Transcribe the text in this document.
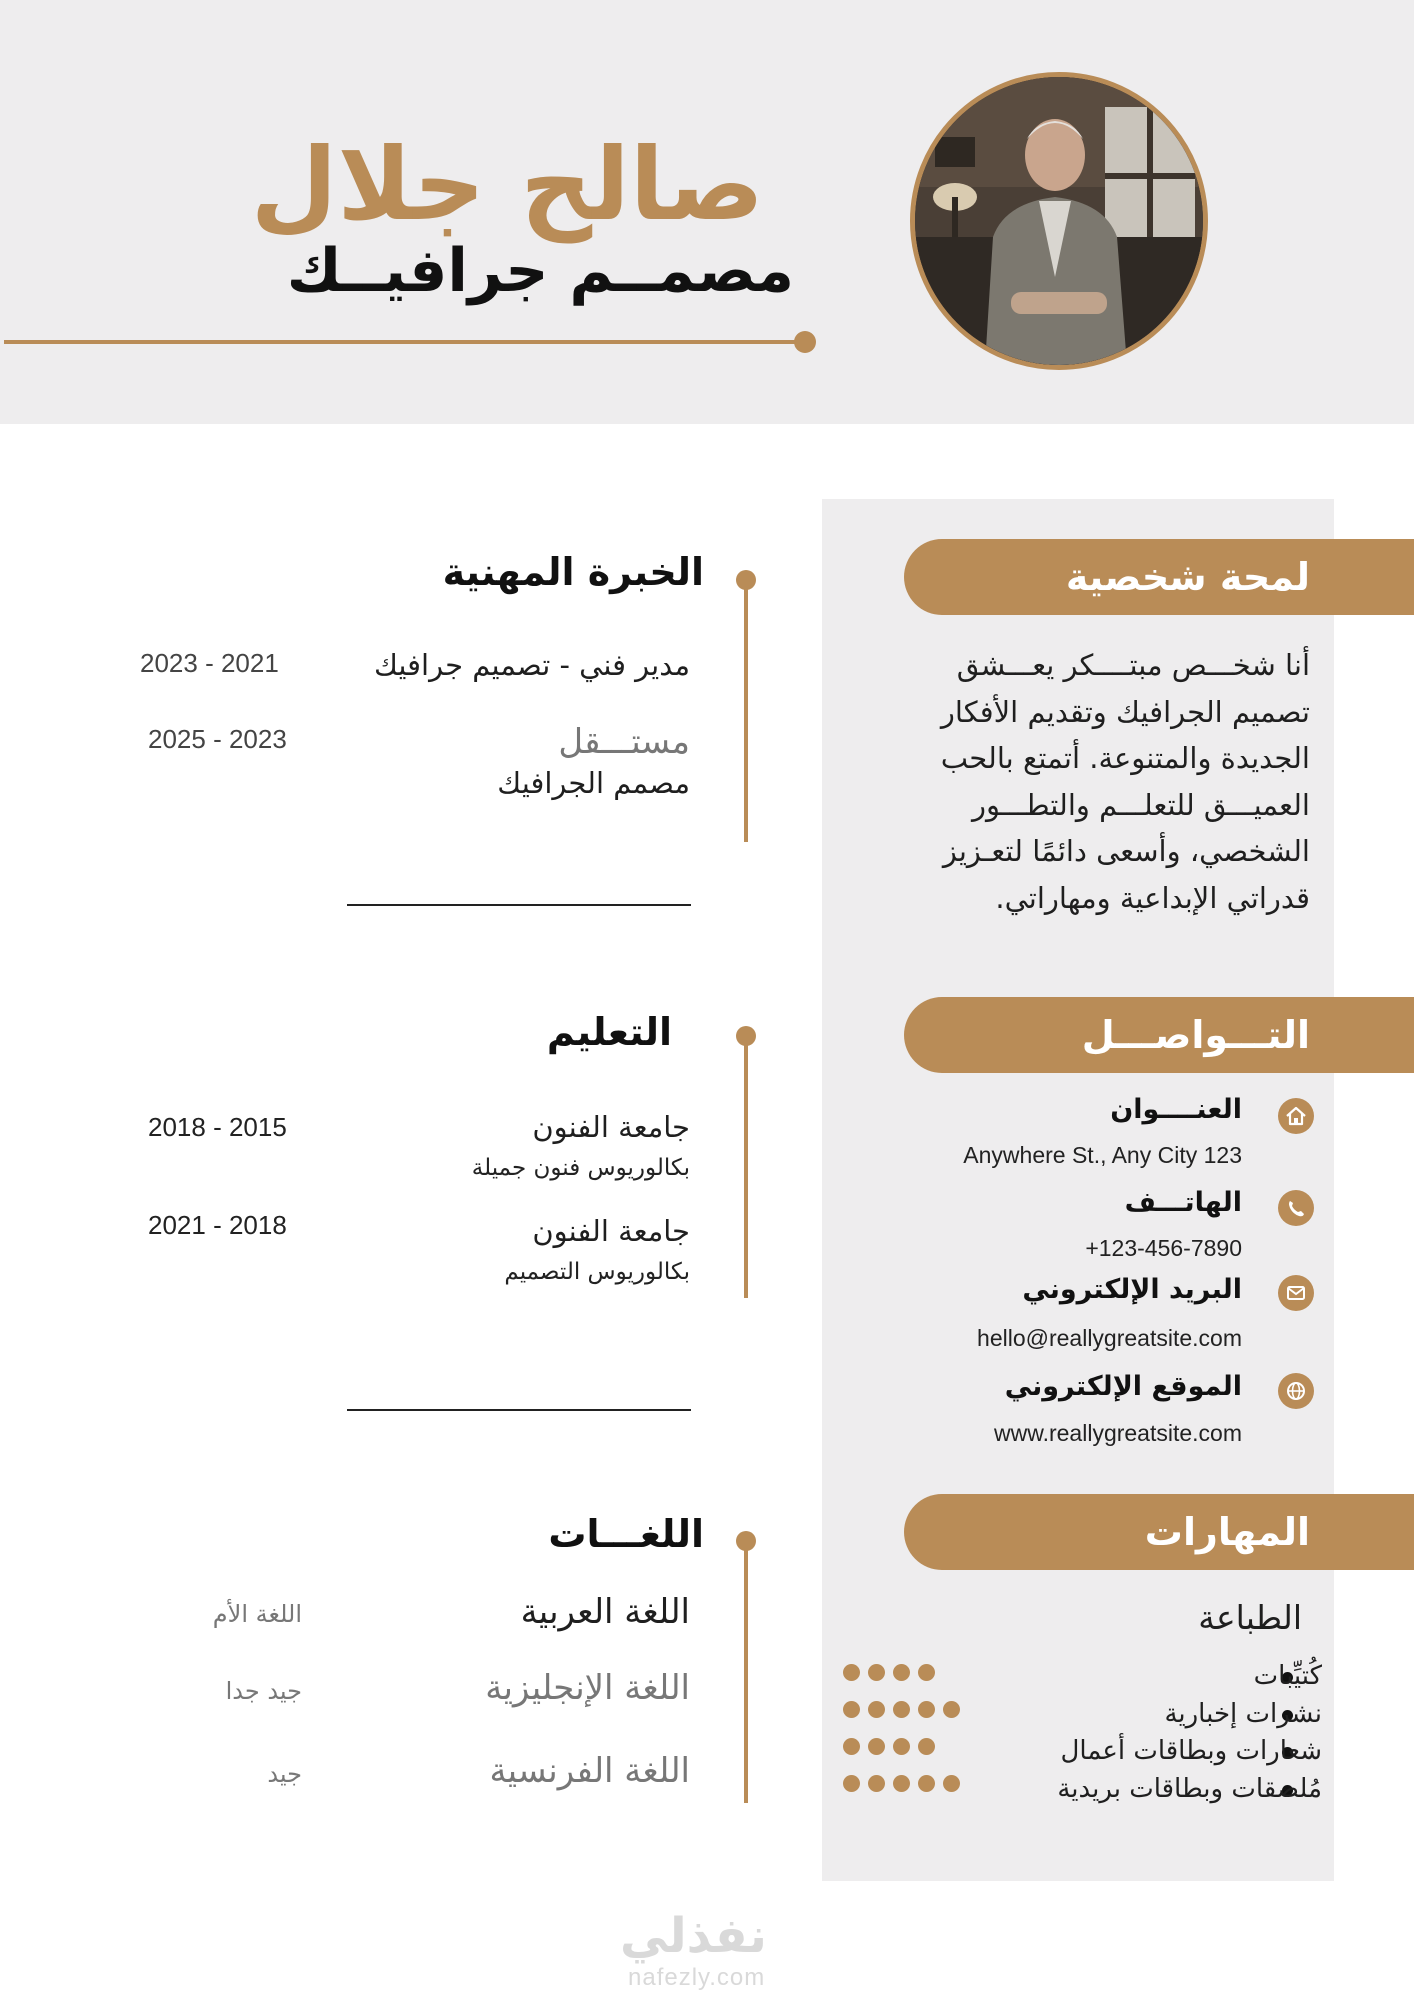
صالح جلال
مصمــم جرافيــك
لمحة شخصية
أنا شخـــص مبتــــكر يعـــشق
تصميم الجرافيك وتقديم الأفكار
الجديدة والمتنوعة. أتمتع بالحب
العميـــق للتعلـــم والتطـــور
الشخصي، وأسعى دائمًا لتعـزيز
قدراتي الإبداعية ومهاراتي.
التـــواصـــل
العنــــوان
Anywhere St., Any City 123
الهاتـــف
+123-456-7890
البريد الإلكتروني
hello@reallygreatsite.com
الموقع الإلكتروني
www.reallygreatsite.com
المهارات
الطباعة
كُتيِّبات
نشرات إخبارية
شعارات وبطاقات أعمال
مُلصقات وبطاقات بريدية
الخبرة المهنية
مدير فني - تصميم جرافيك
2023 - 2021
مستـــقل
مصمم الجرافيك
2025 - 2023
التعليم
جامعة الفنون
بكالوريوس فنون جميلة
2018 - 2015
جامعة الفنون
بكالوريوس التصميم
2021 - 2018
اللغـــات
اللغة العربية
اللغة الأم
اللغة الإنجليزية
جيد جدا
اللغة الفرنسية
جيد
نفذلي
nafezly.com
